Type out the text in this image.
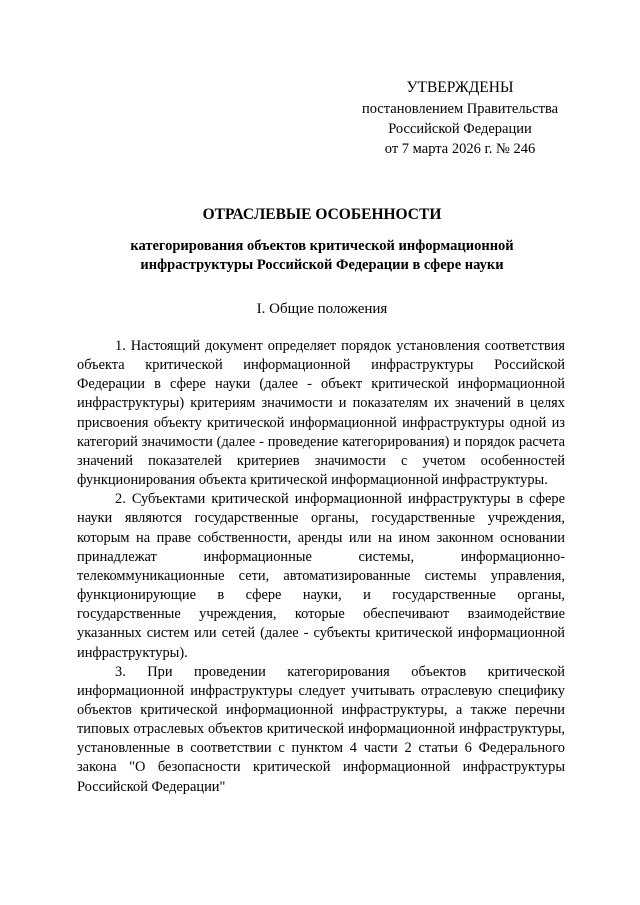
УТВЕРЖДЕНЫ
постановлением Правительства
Российской Федерации
от 7 марта 2026 г. № 246
ОТРАСЛЕВЫЕ ОСОБЕННОСТИ
категорирования объектов критической информационной инфраструктуры Российской Федерации в сфере науки
I. Общие положения

1. Настоящий документ определяет порядок установления соответствия объекта критической информационной инфраструктуры Российской Федерации в сфере науки (далее - объект критической информационной инфраструктуры) критериям значимости и показателям их значений в целях присвоения объекту критической информационной инфраструктуры одной из категорий значимости (далее - проведение категорирования) и порядок расчета значений показателей критериев значимости с учетом особенностей функционирования объекта критической информационной инфраструктуры.

2. Субъектами критической информационной инфраструктуры в сфере науки являются государственные органы, государственные учреждения, которым на праве собственности, аренды или на ином законном основании принадлежат информационные системы, информационно-телекоммуникационные сети, автоматизированные системы управления, функционирующие в сфере науки, и государственные органы, государственные учреждения, которые обеспечивают взаимодействие указанных систем или сетей (далее - субъекты критической информационной инфраструктуры).

3. При проведении категорирования объектов критической информационной инфраструктуры следует учитывать отраслевую специфику объектов критической информационной инфраструктуры, а также перечни типовых отраслевых объектов критической информационной инфраструктуры, установленные в соответствии с пунктом 4 части 2 статьи 6 Федерального закона "О безопасности критической информационной инфраструктуры Российской Федерации"
